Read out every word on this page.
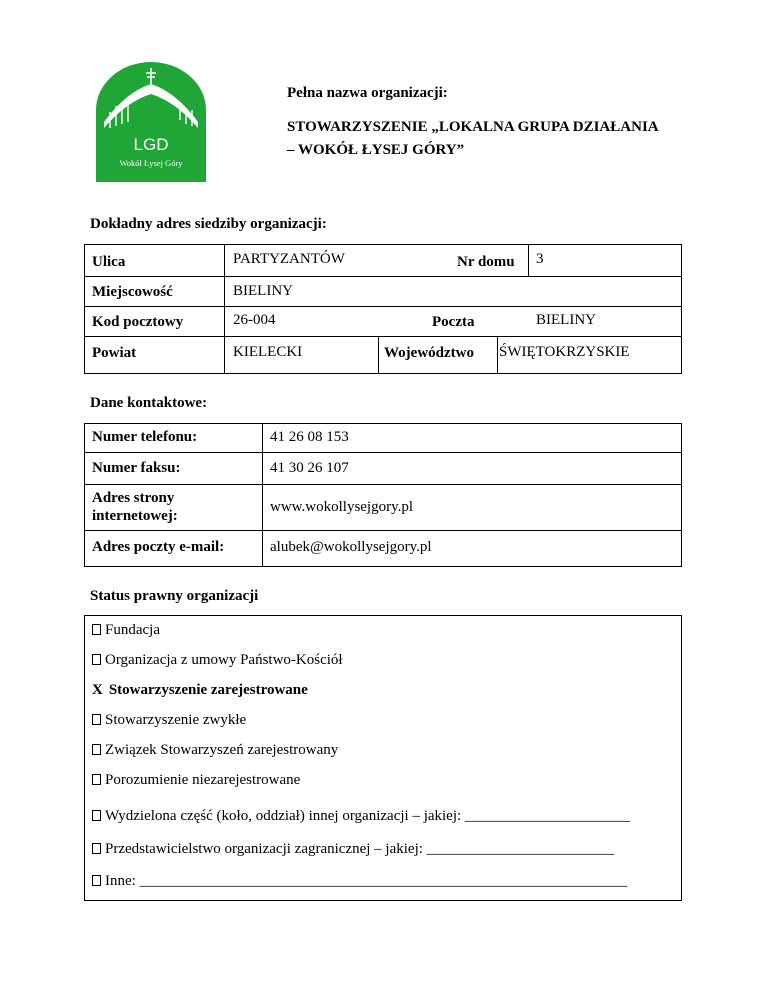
LGD
Wokół Łysej Góry
Pełna nazwa organizacji:
STOWARZYSZENIE „LOKALNA GRUPA DZIAŁANIA
– WOKÓŁ ŁYSEJ GÓRY”
Dokładny adres siedziby organizacji:
Ulica	PARTYZANTÓW	Nr domu 3
Miejscowość	BIELINY
Kod pocztowy	26-004	Poczta	BIELINY
Powiat	KIELECKI	Województwo ŚWIĘTOKRZYSKIE
Dane kontaktowe:
Numer telefonu:	41 26 08 153
Numer faksu:	41 30 26 107
Adres strony internetowej:
www.wokollysejgory.pl
Adres poczty e-mail:	alubek@wokollysejgory.pl
Status prawny organizacji
Fundacja
Organizacja z umowy Państwo-Kościół
X Stowarzyszenie zarejestrowane
Stowarzyszenie zwykłe
Związek Stowarzyszeń zarejestrowany
Porozumienie niezarejestrowane
Wydzielona część (koło, oddział) innej organizacji – jakiej: ______________________
Przedstawicielstwo organizacji zagranicznej – jakiej: _________________________
Inne: _________________________________________________________________
